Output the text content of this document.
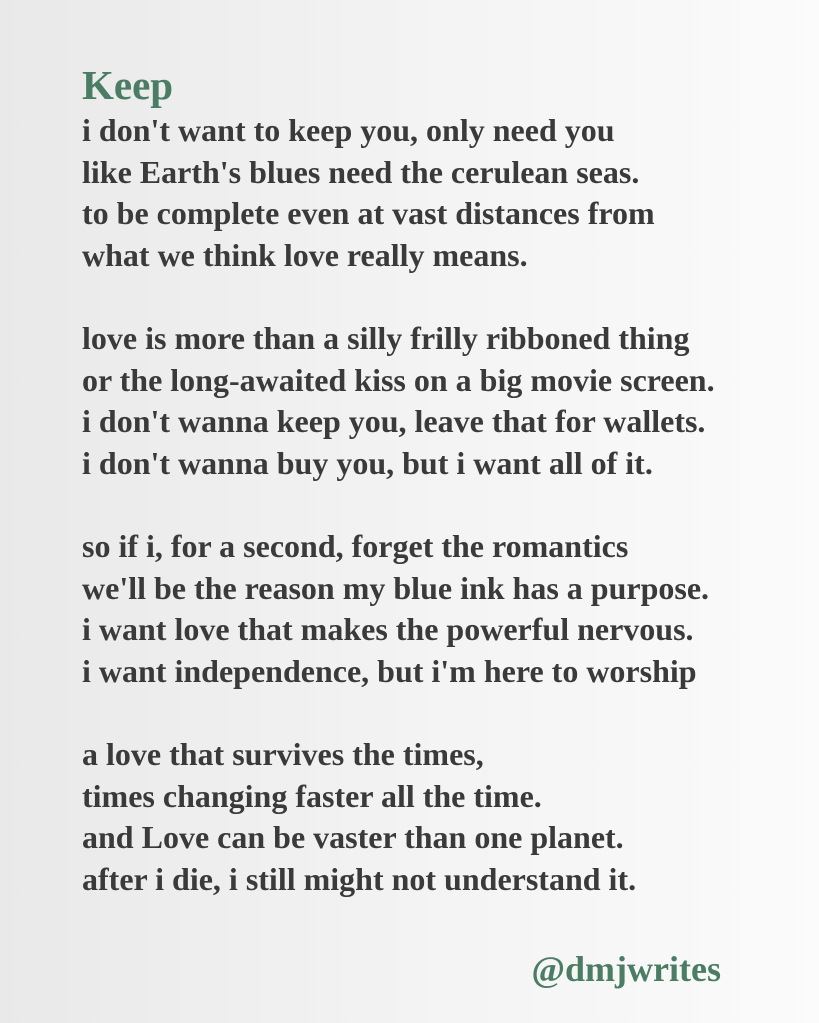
Keep
i don't want to keep you, only need you
like Earth's blues need the cerulean seas.
to be complete even at vast distances from
what we think love really means.
love is more than a silly frilly ribboned thing
or the long-awaited kiss on a big movie screen.
i don't wanna keep you, leave that for wallets.
i don't wanna buy you, but i want all of it.
so if i, for a second, forget the romantics
we'll be the reason my blue ink has a purpose.
i want love that makes the powerful nervous.
i want independence, but i'm here to worship
a love that survives the times,
times changing faster all the time.
and Love can be vaster than one planet.
after i die, i still might not understand it.
@dmjwrites
